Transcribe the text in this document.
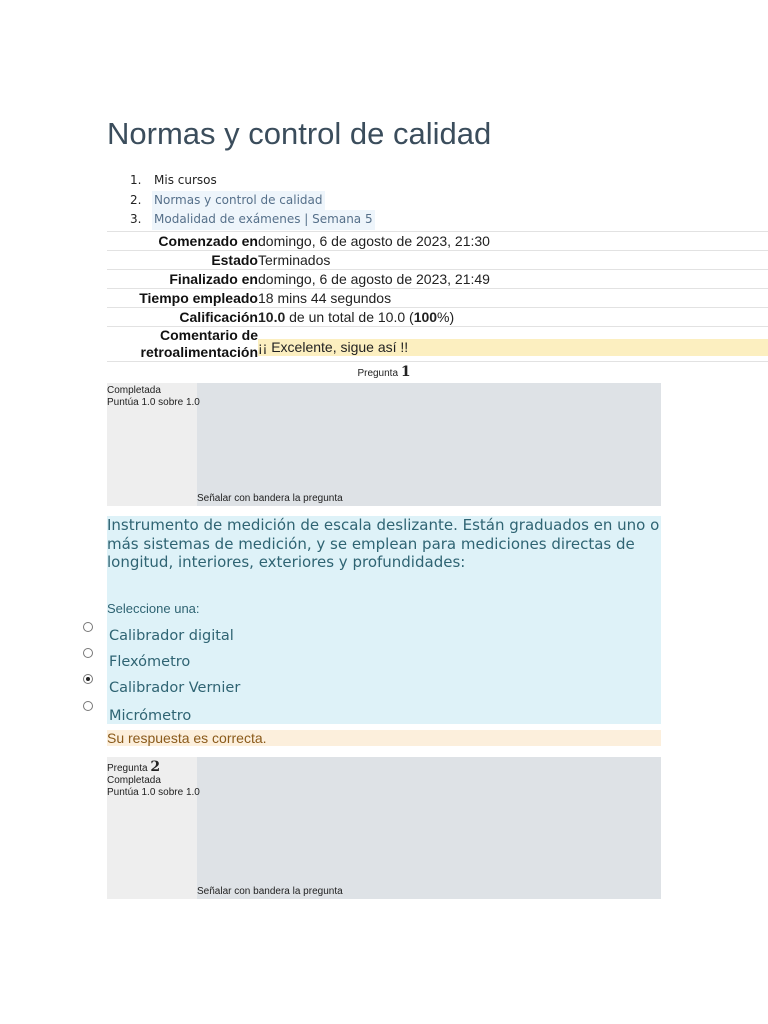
Normas y control de calidad
1.	Mis cursos
2.	Normas y control de calidad
3.	Modalidad de exámenes | Semana 5
Comenzado en domingo, 6 de agosto de 2023, 21:30
Estado Terminados
Finalizado en domingo, 6 de agosto de 2023, 21:49
Tiempo empleado 18 mins 44 segundos
Calificación 10.0 de un total de 10.0 (100%)
Comentario de
retroalimentación ¡¡ Excelente, sigue así !!
Pregunta 1
Completada
Puntúa 1.0 sobre 1.0
Señalar con bandera la pregunta

Instrumento de medición de escala deslizante. Están graduados en uno o más sistemas de medición, y se emplean para mediciones directas de longitud, interiores, exteriores y profundidades:

Seleccione una:
Calibrador digital
Flexómetro
Calibrador Vernier
Micrómetro
Su respuesta es correcta.
Pregunta 2
Completada
Puntúa 1.0 sobre 1.0
Señalar con bandera la pregunta
